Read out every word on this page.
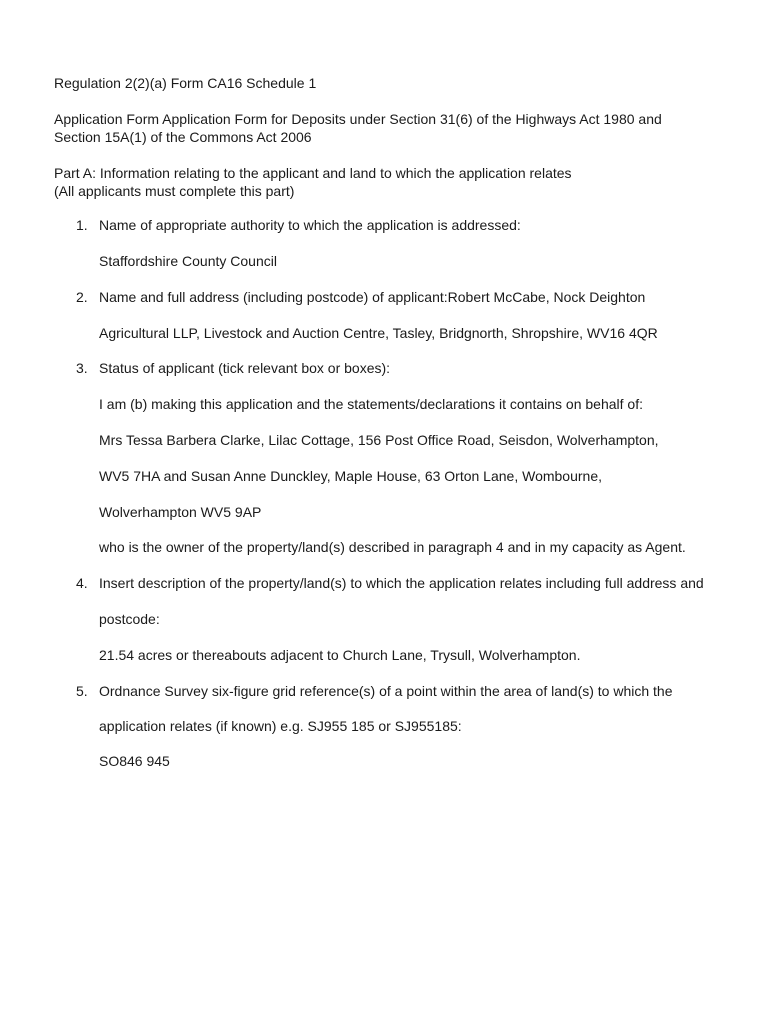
Regulation 2(2)(a) Form CA16 Schedule 1
Application Form Application Form for Deposits under Section 31(6) of the Highways Act 1980 and
Section 15A(1) of the Commons Act 2006
Part A: Information relating to the applicant and land to which the application relates
(All applicants must complete this part)
1. Name of appropriate authority to which the application is addressed:
Staffordshire County Council
2. Name and full address (including postcode) of applicant:Robert McCabe, Nock Deighton
Agricultural LLP, Livestock and Auction Centre, Tasley, Bridgnorth, Shropshire, WV16 4QR
3. Status of applicant (tick relevant box or boxes):
I am (b) making this application and the statements/declarations it contains on behalf of:
Mrs Tessa Barbera Clarke, Lilac Cottage, 156 Post Office Road, Seisdon, Wolverhampton,
WV5 7HA and Susan Anne Dunckley, Maple House, 63 Orton Lane, Wombourne,
Wolverhampton WV5 9AP
who is the owner of the property/land(s) described in paragraph 4 and in my capacity as Agent.
4. Insert description of the property/land(s) to which the application relates including full address and
postcode:
21.54 acres or thereabouts adjacent to Church Lane, Trysull, Wolverhampton.
5. Ordnance Survey six-figure grid reference(s) of a point within the area of land(s) to which the
application relates (if known) e.g. SJ955 185 or SJ955185:
SO846 945
